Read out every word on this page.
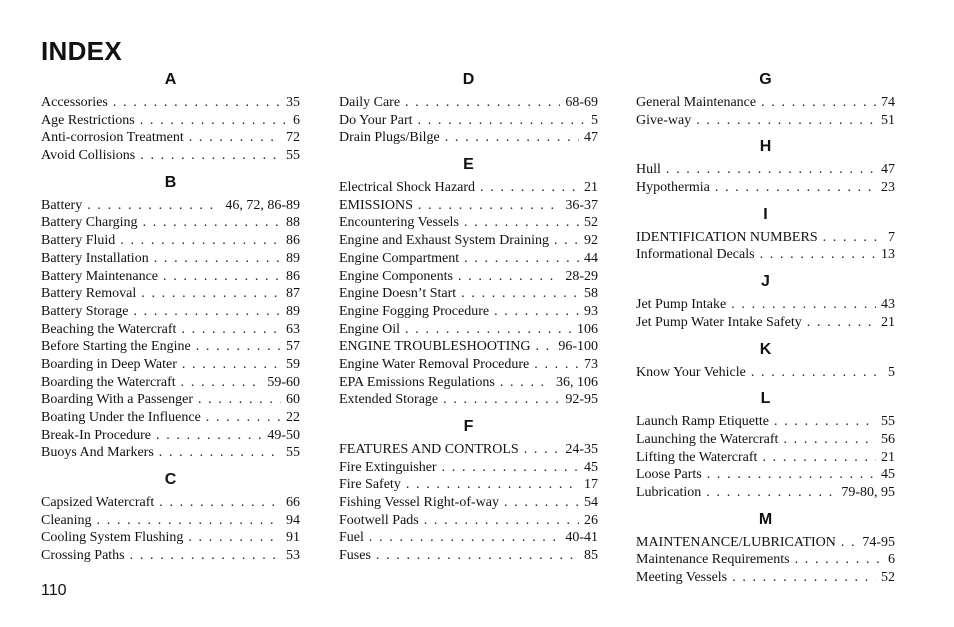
INDEX
A
Accessories . . .	35
Age Restrictions . . .	6
Anti-corrosion Treatment . . .	72
Avoid Collisions . . .	55
B
Battery . . .	46, 72, 86-89
Battery Charging . . .	88
Battery Fluid . . .	86
Battery Installation . . .	89
Battery Maintenance . . .	86
Battery Removal . . .	87
Battery Storage . . .	89
Beaching the Watercraft . . .	63
Before Starting the Engine . . .	57
Boarding in Deep Water . . .	59
Boarding the Watercraft . . .	59-60
Boarding With a Passenger . . .	60
Boating Under the Influence . . .	22
Break-In Procedure . . .	49-50
Buoys And Markers . . .	55
C
Capsized Watercraft . . .	66
Cleaning . . .	94
Cooling System Flushing . . .	91
Crossing Paths . . .	53
D
Daily Care . . .	68-69
Do Your Part . . .	5
Drain Plugs/Bilge . . .	47
E
Electrical Shock Hazard . . .	21
EMISSIONS . . .	36-37
Encountering Vessels . . .	52
Engine and Exhaust System Draining . . .	92
Engine Compartment . . .	44
Engine Components . . .	28-29
Engine Doesn’t Start . . .	58
Engine Fogging Procedure . . .	93
Engine Oil . . .	106
ENGINE TROUBLESHOOTING . . . 96-100
Engine Water Removal Procedure . . .	73
EPA Emissions Regulations . . .	36, 106
Extended Storage . . .	92-95
F
FEATURES AND CONTROLS . . .	24-35
Fire Extinguisher . . .	45
Fire Safety . . .	17
Fishing Vessel Right-of-way . . .	54
Footwell Pads . . .	26
Fuel . . .	40-41
Fuses . . .	85
G
General Maintenance . . .	74
Give-way . . .	51
H
Hull . . .	47
Hypothermia . . .	23
I
IDENTIFICATION NUMBERS . . .	7
Informational Decals . . .	13
J
Jet Pump Intake . . .	43
Jet Pump Water Intake Safety . . .	21
K
Know Your Vehicle . . .	5
L
Launch Ramp Etiquette . . .	55
Launching the Watercraft . . .	56
Lifting the Watercraft . . .	21
Loose Parts . . .	45
Lubrication . . .	79-80, 95
M
MAINTENANCE/LUBRICATION . . . 74-95
Maintenance Requirements . . .	6
Meeting Vessels . . .	52
110
